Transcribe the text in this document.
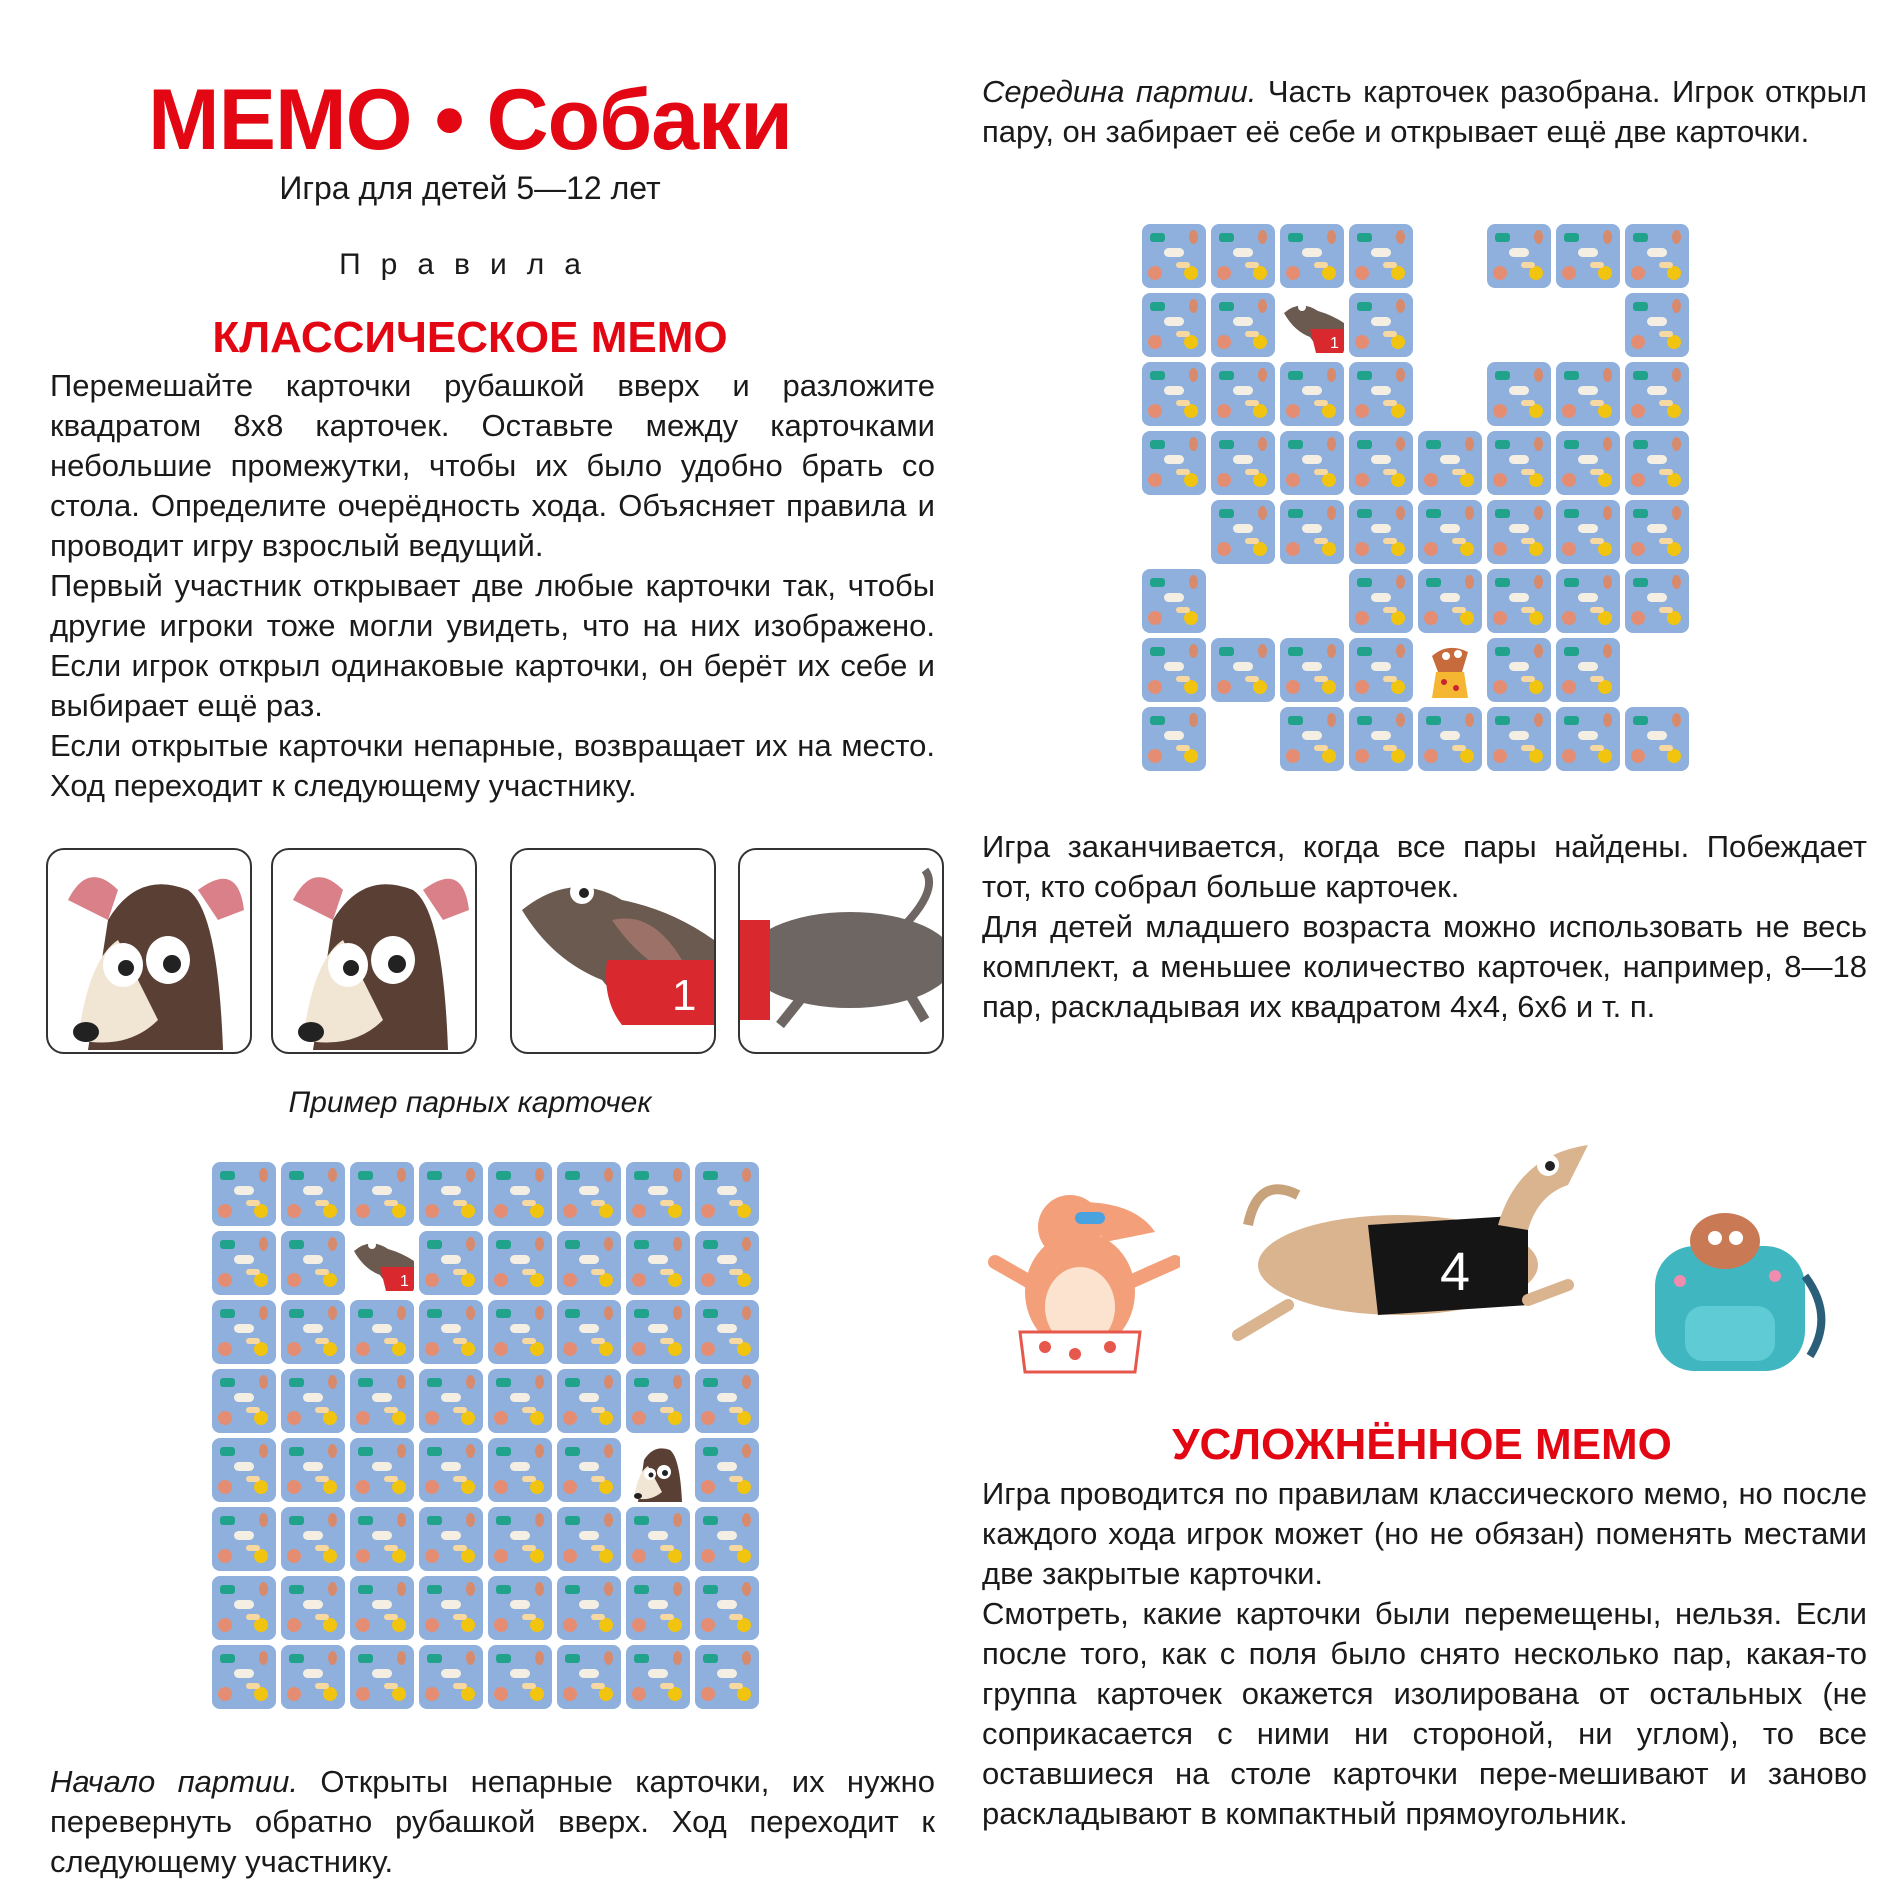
МЕМО • Собаки
Игра для детей 5—12 лет
Правила
КЛАССИЧЕСКОЕ МЕМО

Перемешайте карточки рубашкой вверх и разложите квадратом 8х8 карточек. Оставьте между карточками небольшие промежутки, чтобы их было удобно брать со стола. Определите очерёдность хода. Объясняет правила и проводит игру взрослый ведущий.

Первый участник открывает две любые карточки так, чтобы другие игроки тоже могли увидеть, что на них изображено. Если игрок открыл одинаковые карточки, он берёт их себе и выбирает ещё раз.

Если открытые карточки непарные, возвращает их на место. Ход переходит к следующему участнику.

1
Пример парных карточек
1

Начало партии. Открыты непарные карточки, их нужно перевернуть обратно рубашкой вверх. Ход переходит к следующему участнику.

Середина партии. Часть карточек разобрана. Игрок открыл пару, он забирает её себе и открывает ещё две карточки.

1

Игра заканчивается, когда все пары найдены. Побеждает тот, кто собрал больше карточек.

Для детей младшего возраста можно использовать не весь комплект, а меньшее количество карточек, например, 8—18 пар, раскладывая их квадратом 4х4, 6х6 и т. п.

4
УСЛОЖНЁННОЕ МЕМО

Игра проводится по правилам классического мемо, но после каждого хода игрок может (но не обязан) поменять местами две закрытые карточки.

Смотреть, какие карточки были перемещены, нельзя. Если после того, как с поля было снято несколько пар, какая-то группа карточек окажется изолирована от остальных (не соприкасается с ними ни стороной, ни углом), то все оставшиеся на столе карточки пере-мешивают и заново раскладывают в компактный прямоугольник.
